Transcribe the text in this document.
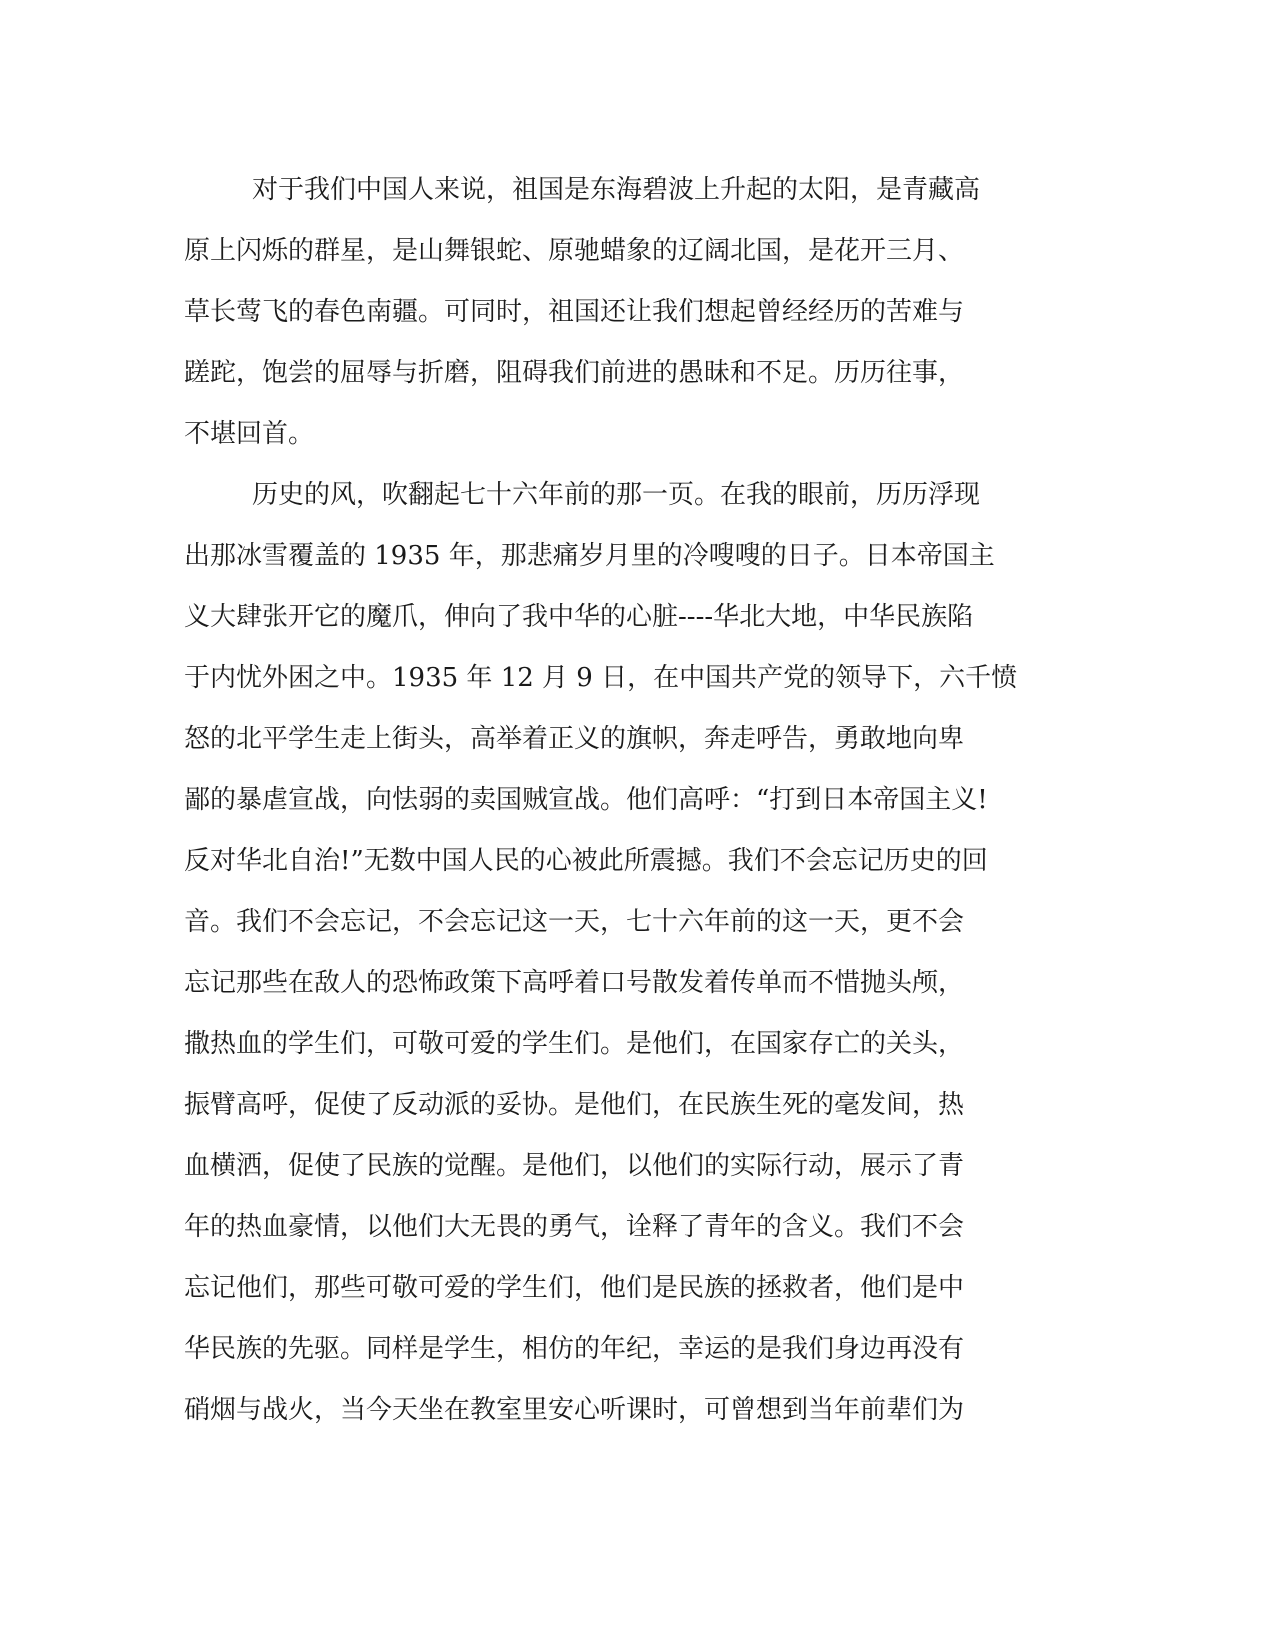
对于我们中国人来说，祖国是东海碧波上升起的太阳，是青藏高
原上闪烁的群星，是山舞银蛇、原驰蜡象的辽阔北国，是花开三月、
草长莺飞的春色南疆。可同时，祖国还让我们想起曾经经历的苦难与
蹉跎，饱尝的屈辱与折磨，阻碍我们前进的愚昧和不足。历历往事，
不堪回首。
历史的风，吹翻起七十六年前的那一页。在我的眼前，历历浮现
出那冰雪覆盖的 1935 年，那悲痛岁月里的冷嗖嗖的日子。日本帝国主
义大肆张开它的魔爪，伸向了我中华的心脏----华北大地，中华民族陷
于内忧外困之中。1935 年 12 月 9 日，在中国共产党的领导下，六千愤
怒的北平学生走上街头，高举着正义的旗帜，奔走呼告，勇敢地向卑
鄙的暴虐宣战，向怯弱的卖国贼宣战。他们高呼：“打到日本帝国主义!
反对华北自治!”无数中国人民的心被此所震撼。我们不会忘记历史的回
音。我们不会忘记，不会忘记这一天，七十六年前的这一天，更不会
忘记那些在敌人的恐怖政策下高呼着口号散发着传单而不惜抛头颅，
撒热血的学生们，可敬可爱的学生们。是他们，在国家存亡的关头，
振臂高呼，促使了反动派的妥协。是他们，在民族生死的毫发间，热
血横洒，促使了民族的觉醒。是他们，以他们的实际行动，展示了青
年的热血豪情，以他们大无畏的勇气，诠释了青年的含义。我们不会
忘记他们，那些可敬可爱的学生们，他们是民族的拯救者，他们是中
华民族的先驱。同样是学生，相仿的年纪，幸运的是我们身边再没有
硝烟与战火，当今天坐在教室里安心听课时，可曾想到当年前辈们为
